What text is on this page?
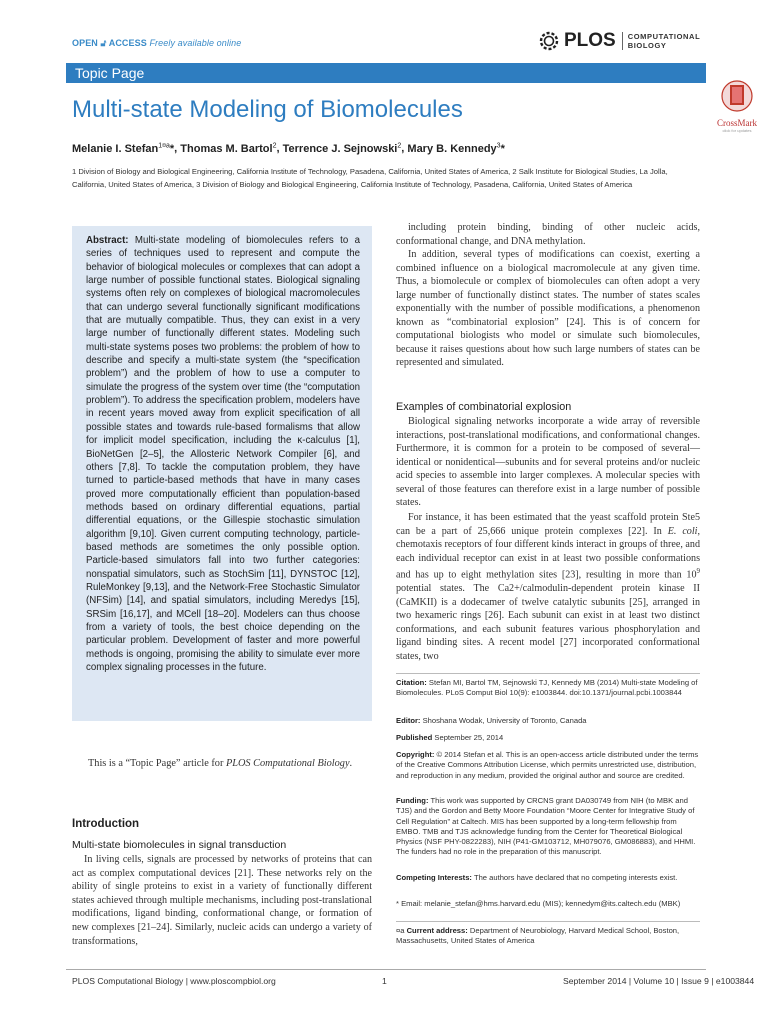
OPEN 🔓︎ ACCESS Freely available online	PLOS	COMPUTATIONAL
BIOLOGY
Topic Page
Multi-state Modeling of Biomolecules	CrossMark
click for updates
Melanie I. Stefan$^{1¤a}$*, Thomas M. Bartol$^2$, Terrence J. Sejnowski$^2$, Mary B. Kennedy$^3$*
1 Division of Biology and Biological Engineering, California Institute of Technology, Pasadena, California, United States of America, 2 Salk Institute for Biological Studies, La Jolla, California, United States of America, 3 Division of Biology and Biological Engineering, California Institute of Technology, Pasadena, California, United States of America
Abstract: Multi-state modeling of biomolecules refers to a series of techniques used to represent and compute the behavior of biological molecules or complexes that can adopt a large number of possible functional states. Biological signaling systems often rely on complexes of biological macromolecules that can undergo several functionally significant modifications that are mutually compatible. Thus, they can exist in a very large number of functionally different states. Modeling such multi-state systems poses two problems: the problem of how to describe and specify a multi-state system (the “specification problem”) and the problem of how to use a computer to simulate the progress of the system over time (the “computation problem”). To address the specification problem, modelers have in recent years moved away from explicit specification of all possible states and towards rule-based formalisms that allow for implicit model specification, including the κ-calculus [1], BioNetGen [2–5], the Allosteric Network Compiler [6], and others [7,8]. To tackle the computation problem, they have turned to particle-based methods that have in many cases proved more computationally efficient than population-based methods based on ordinary differential equations, partial differential equations, or the Gillespie stochastic simulation algorithm [9,10]. Given current computing technology, particle-based methods are sometimes the only possible option. Particle-based simulators fall into two further categories: nonspatial simulators, such as StochSim [11], DYNSTOC [12], RuleMonkey [9,13], and the Network-Free Stochastic Simulator (NFSim) [14], and spatial simulators, including Meredys [15], SRSim [16,17], and MCell [18–20]. Modelers can thus choose from a variety of tools, the best choice depending on the particular problem. Development of faster and more powerful methods is ongoing, promising the ability to simulate ever more complex signaling processes in the future.
This is a “Topic Page” article for PLOS Computational Biology.
Introduction
Multi-state biomolecules in signal transduction
In living cells, signals are processed by networks of proteins that can act as complex computational devices [21]. These networks rely on the ability of single proteins to exist in a variety of functionally different states achieved through multiple mechanisms, including post-translational modifications, ligand binding, conformational change, or formation of new complexes [21–24]. Similarly, nucleic acids can undergo a variety of transformations,

including protein binding, binding of other nucleic acids, conformational change, and DNA methylation.

In addition, several types of modifications can coexist, exerting a combined influence on a biological macromolecule at any given time. Thus, a biomolecule or complex of biomolecules can often adopt a very large number of functionally distinct states. The number of states scales exponentially with the number of possible modifications, a phenomenon known as “combinatorial explosion” [24]. This is of concern for computational biologists who model or simulate such biomolecules, because it raises questions about how such large numbers of states can be represented and simulated.

Examples of combinatorial explosion

Biological signaling networks incorporate a wide array of reversible interactions, post-translational modifications, and conformational changes. Furthermore, it is common for a protein to be composed of several—identical or nonidentical—subunits and for several proteins and/or nucleic acid species to assemble into larger complexes. A molecular species with several of those features can therefore exist in a large number of possible states.

For instance, it has been estimated that the yeast scaffold protein Ste5 can be a part of 25,666 unique protein complexes [22]. In E. coli, chemotaxis receptors of four different kinds interact in groups of three, and each individual receptor can exist in at least two possible conformations and has up to eight methylation sites [23], resulting in more than $10^9$ potential states. The Ca2+/calmodulin-dependent protein kinase II (CaMKII) is a dodecamer of twelve catalytic subunits [25], arranged in two hexameric rings [26]. Each subunit can exist in at least two distinct conformations, and each subunit features various phosphorylation and ligand binding sites. A recent model [27] incorporated conformational states, two

Citation: Stefan MI, Bartol TM, Sejnowski TJ, Kennedy MB (2014) Multi-state Modeling of Biomolecules. PLoS Comput Biol 10(9): e1003844. doi:10.1371/journal.pcbi.1003844
Editor: Shoshana Wodak, University of Toronto, Canada
Published September 25, 2014
Copyright: © 2014 Stefan et al. This is an open-access article distributed under the terms of the Creative Commons Attribution License, which permits unrestricted use, distribution, and reproduction in any medium, provided the original author and source are credited.
Funding: This work was supported by CRCNS grant DA030749 from NIH (to MBK and TJS) and the Gordon and Betty Moore Foundation “Moore Center for Integrative Study of Cell Regulation” at Caltech. MIS has been supported by a long-term fellowship from EMBO. TMB and TJS acknowledge funding from the Center for Theoretical Biological Physics (NSF PHY-0822283), NIH (P41-GM103712, MH079076, GM086883), and HHMI. The funders had no role in the preparation of this manuscript.
Competing Interests: The authors have declared that no competing interests exist.
* Email: melanie_stefan@hms.harvard.edu (MIS); kennedym@its.caltech.edu (MBK)
¤a Current address: Department of Neurobiology, Harvard Medical School, Boston, Massachusetts, United States of America
PLOS Computational Biology | www.ploscompbiol.org	1	September 2014 | Volume 10 | Issue 9 | e1003844
